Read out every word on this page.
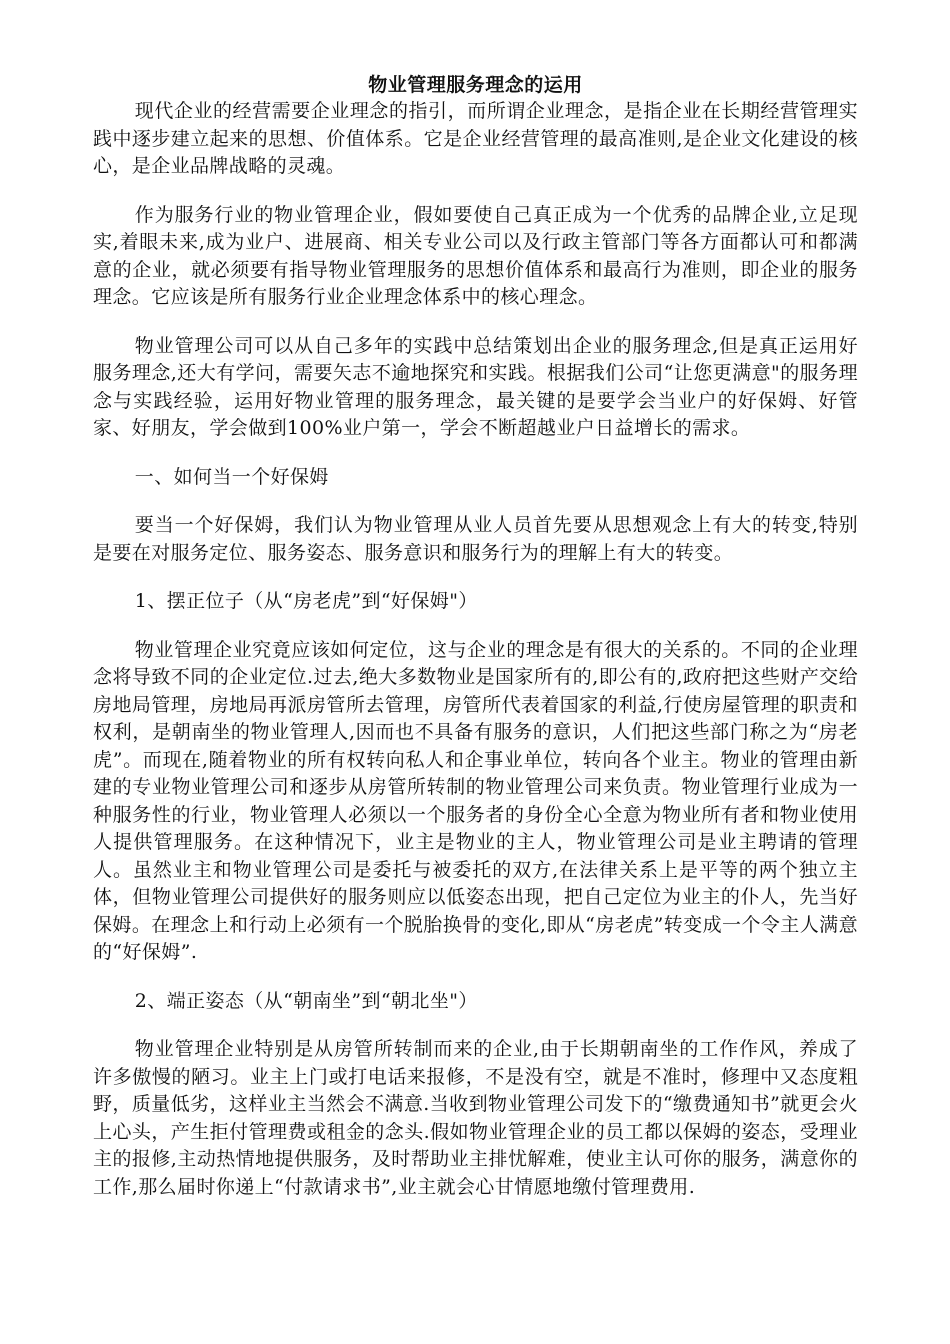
物业管理服务理念的运用

现代企业的经营需要企业理念的指引，而所谓企业理念，是指企业在长期经营管理实践中逐步建立起来的思想、价值体系。它是企业经营管理的最高准则,是企业文化建设的核心，是企业品牌战略的灵魂。

作为服务行业的物业管理企业，假如要使自己真正成为一个优秀的品牌企业,立足现实,着眼未来,成为业户、进展商、相关专业公司以及行政主管部门等各方面都认可和都满意的企业，就必须要有指导物业管理服务的思想价值体系和最高行为准则，即企业的服务理念。它应该是所有服务行业企业理念体系中的核心理念。

物业管理公司可以从自己多年的实践中总结策划出企业的服务理念,但是真正运用好服务理念,还大有学问，需要矢志不逾地探究和实践。根据我们公司“让您更满意"的服务理念与实践经验，运用好物业管理的服务理念，最关键的是要学会当业户的好保姆、好管家、好朋友，学会做到100%业户第一，学会不断超越业户日益增长的需求。

一、如何当一个好保姆

要当一个好保姆，我们认为物业管理从业人员首先要从思想观念上有大的转变,特别是要在对服务定位、服务姿态、服务意识和服务行为的理解上有大的转变。

1、摆正位子（从“房老虎”到“好保姆"）

物业管理企业究竟应该如何定位，这与企业的理念是有很大的关系的。不同的企业理念将导致不同的企业定位.过去,绝大多数物业是国家所有的,即公有的,政府把这些财产交给房地局管理，房地局再派房管所去管理，房管所代表着国家的利益,行使房屋管理的职责和权利，是朝南坐的物业管理人,因而也不具备有服务的意识，人们把这些部门称之为“房老虎”。而现在,随着物业的所有权转向私人和企事业单位，转向各个业主。物业的管理由新建的专业物业管理公司和逐步从房管所转制的物业管理公司来负责。物业管理行业成为一种服务性的行业，物业管理人必须以一个服务者的身份全心全意为物业所有者和物业使用人提供管理服务。在这种情况下，业主是物业的主人，物业管理公司是业主聘请的管理人。虽然业主和物业管理公司是委托与被委托的双方,在法律关系上是平等的两个独立主体，但物业管理公司提供好的服务则应以低姿态出现，把自己定位为业主的仆人，先当好保姆。在理念上和行动上必须有一个脱胎换骨的变化,即从“房老虎”转变成一个令主人满意的“好保姆”.

2、端正姿态（从“朝南坐”到“朝北坐"）

物业管理企业特别是从房管所转制而来的企业,由于长期朝南坐的工作作风，养成了许多傲慢的陋习。业主上门或打电话来报修，不是没有空，就是不准时，修理中又态度粗野，质量低劣，这样业主当然会不满意.当收到物业管理公司发下的“缴费通知书”就更会火上心头，产生拒付管理费或租金的念头.假如物业管理企业的员工都以保姆的姿态，受理业主的报修,主动热情地提供服务，及时帮助业主排忧解难，使业主认可你的服务，满意你的工作,那么届时你递上“付款请求书”,业主就会心甘情愿地缴付管理费用.
